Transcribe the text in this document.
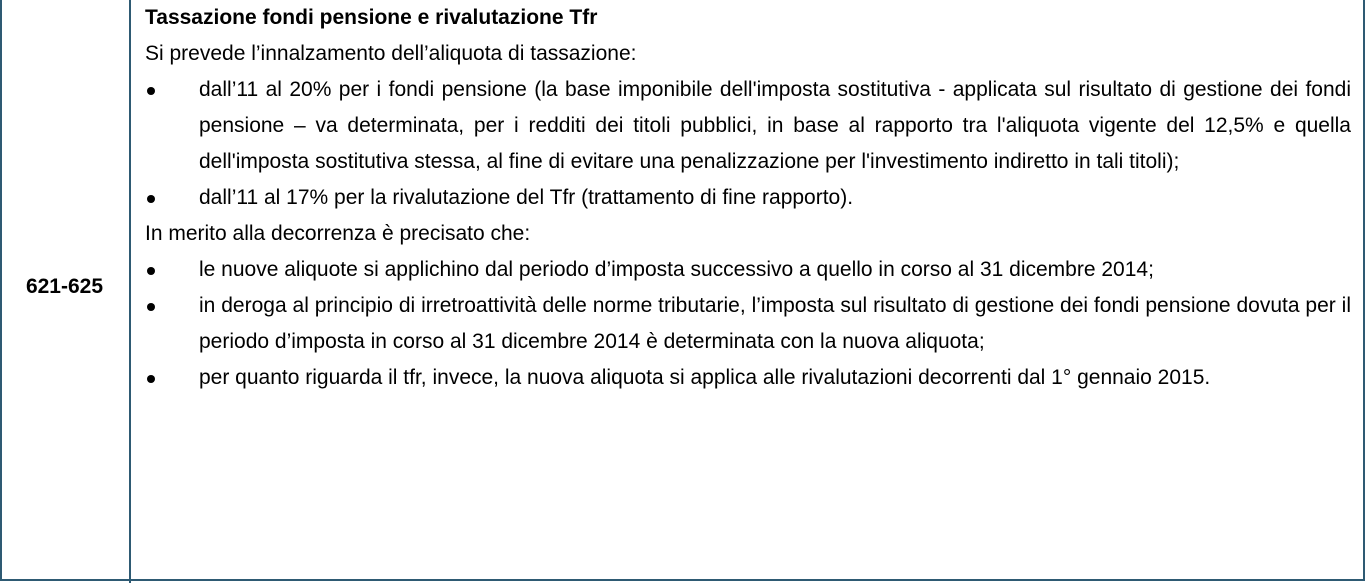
621-625

Tassazione fondi pensione e rivalutazione Tfr

Si prevede l’innalzamento dell’aliquota di tassazione:

dall’11 al 20% per i fondi pensione (la base imponibile dell'imposta sostitutiva - applicata sul risultato di gestione dei fondi pensione – va determinata, per i redditi dei titoli pubblici, in base al rapporto tra l'aliquota vigente del 12,5% e quella dell'imposta sostitutiva stessa, al fine di evitare una penalizzazione per l'investimento indiretto in tali titoli);
dall’11 al 17% per la rivalutazione del Tfr (trattamento di fine rapporto).

In merito alla decorrenza è precisato che:

le nuove aliquote si applichino dal periodo d’imposta successivo a quello in corso al 31 dicembre 2014;
in deroga al principio di irretroattività delle norme tributarie, l’imposta sul risultato di gestione dei fondi pensione dovuta per il periodo d’imposta in corso al 31 dicembre 2014 è determinata con la nuova aliquota;
per quanto riguarda il tfr, invece, la nuova aliquota si applica alle rivalutazioni decorrenti dal 1° gennaio 2015.
